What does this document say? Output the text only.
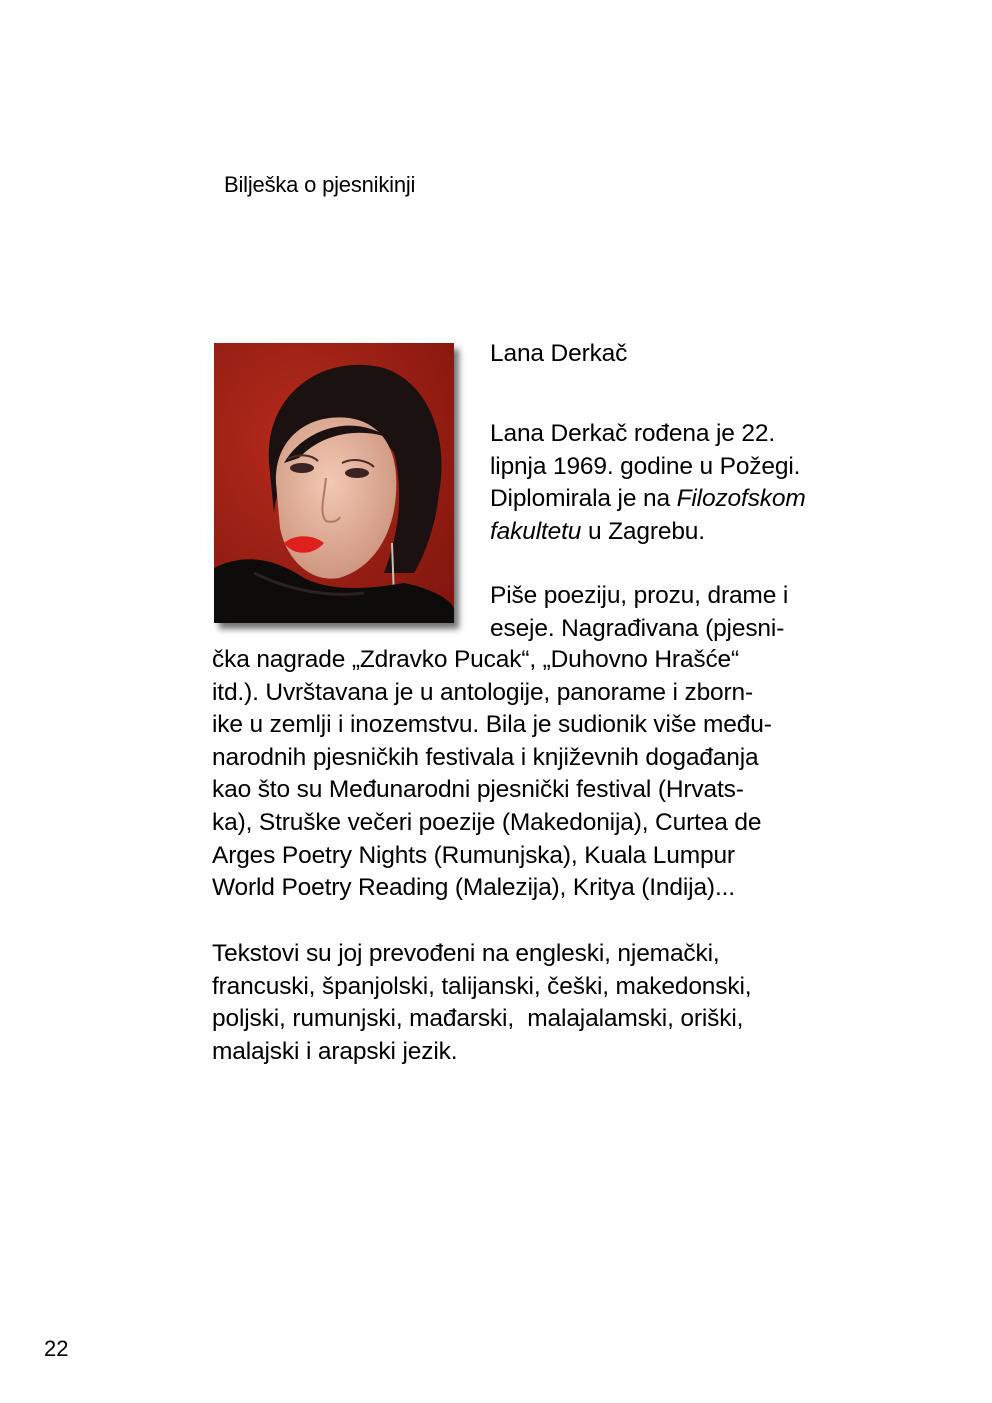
Bilješka o pjesnikinji
Lana Derkač
Lana Derkač rođena je 22.
lipnja 1969. godine u Požegi.
Diplomirala je na Filozofskom
fakultetu u Zagrebu.
Piše poeziju, prozu, drame i
eseje. Nagrađivana (pjesni-
čka nagrade „Zdravko Pucak“, „Duhovno Hrašće“
itd.). Uvrštavana je u antologije, panorame i zborn-
ike u zemlji i inozemstvu. Bila je sudionik više među-
narodnih pjesničkih festivala i književnih događanja
kao što su Međunarodni pjesnički festival (Hrvats-
ka), Struške večeri poezije (Makedonija), Curtea de
Arges Poetry Nights (Rumunjska), Kuala Lumpur
World Poetry Reading (Malezija), Kritya (Indija)...
Tekstovi su joj prevođeni na engleski, njemački,
francuski, španjolski, talijanski, češki, makedonski,
poljski, rumunjski, mađarski,  malajalamski, oriški,
malajski i arapski jezik.
22
